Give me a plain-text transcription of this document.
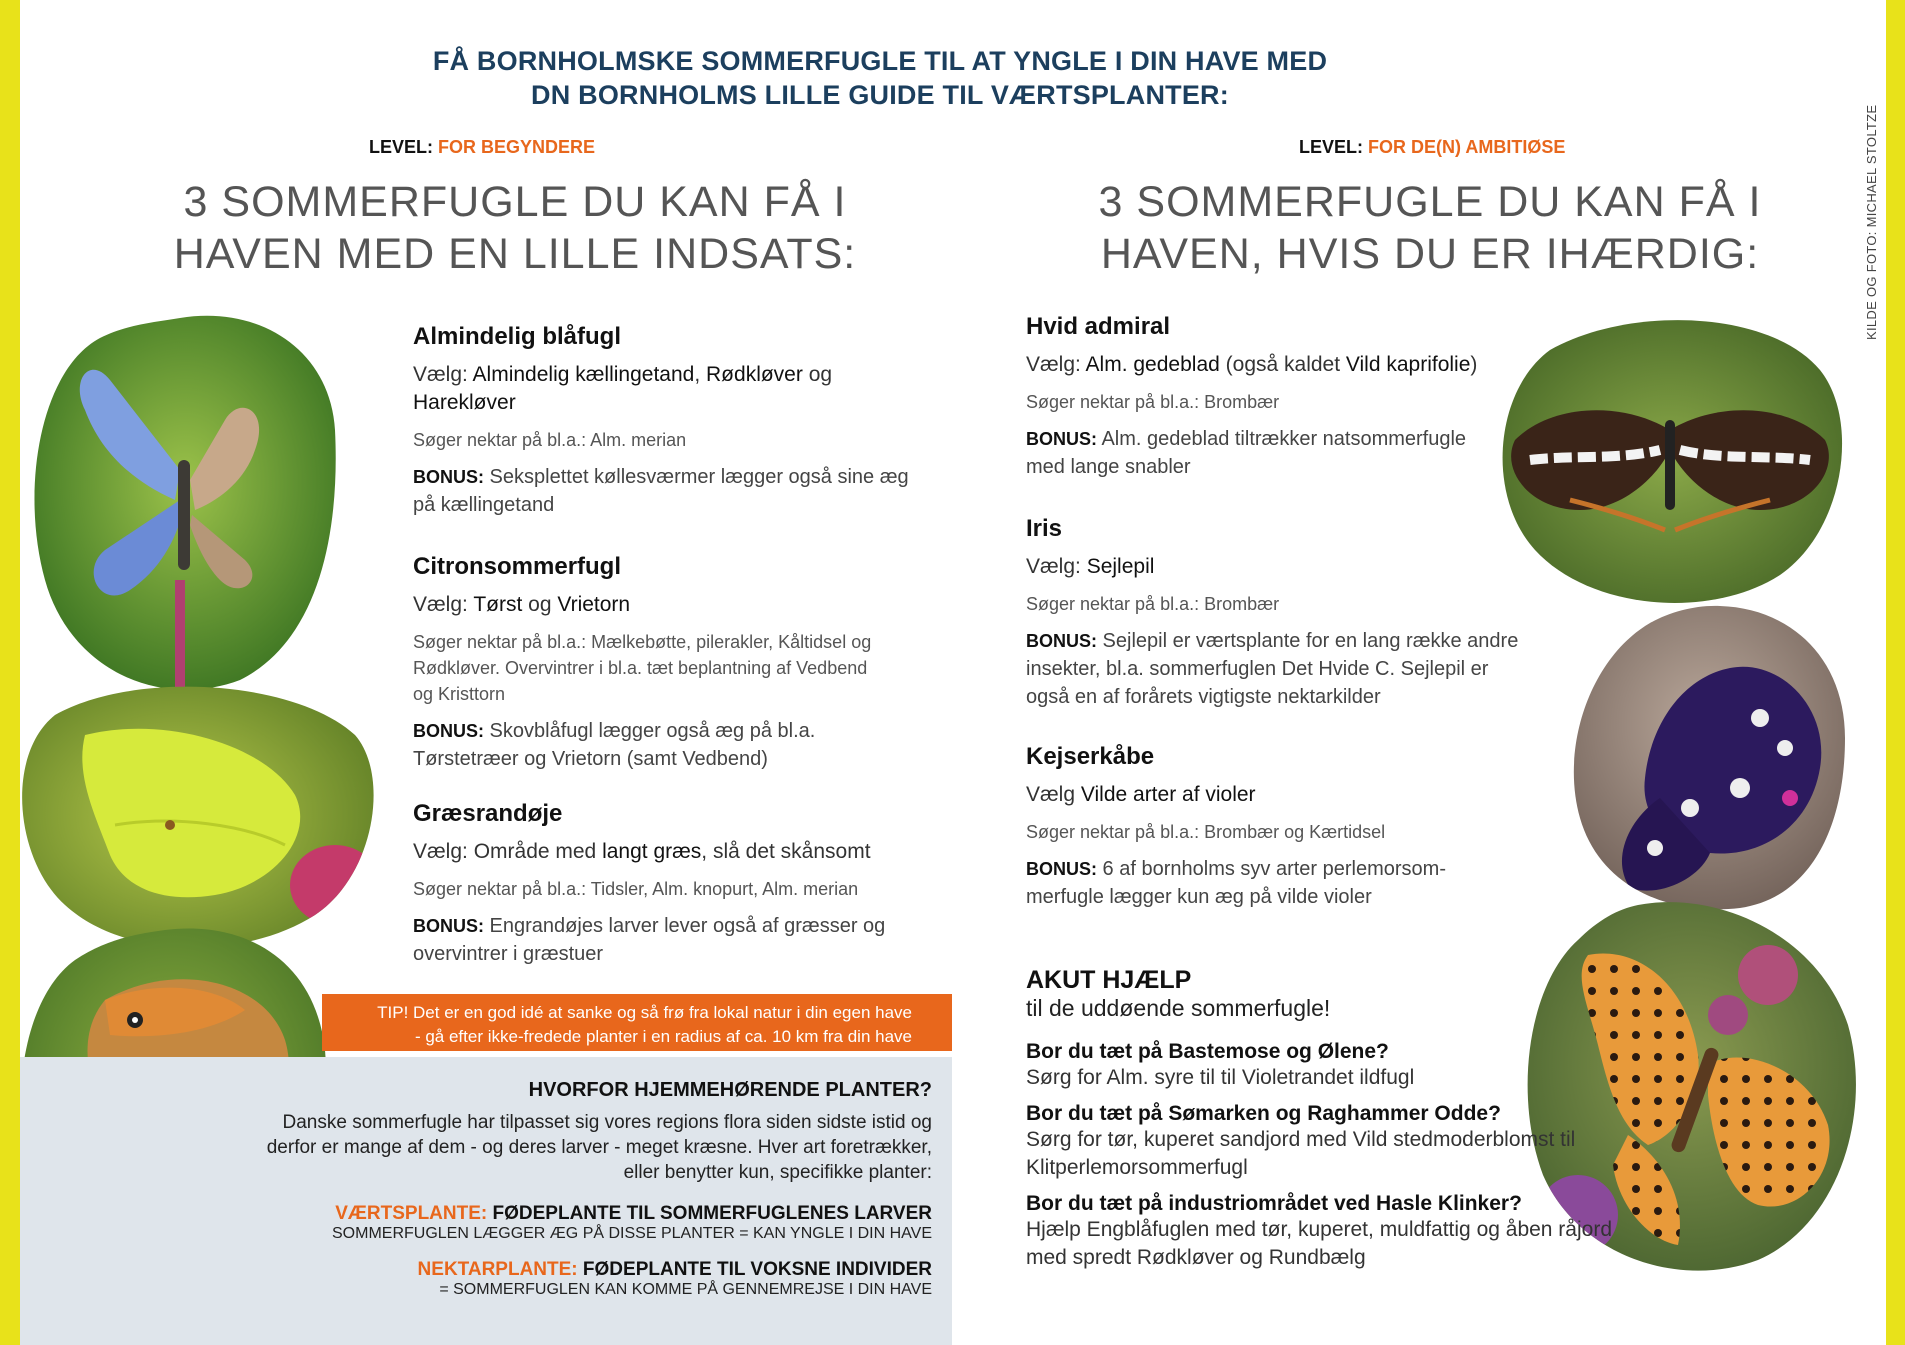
KILDE OG FOTO: MICHAEL STOLTZE
FÅ BORNHOLMSKE SOMMERFUGLE TIL AT YNGLE I DIN HAVE MED
DN BORNHOLMS LILLE GUIDE TIL VÆRTSPLANTER:
LEVEL: FOR BEGYNDERE
3 SOMMERFUGLE DU KAN FÅ I
HAVEN MED EN LILLE INDSATS:
Almindelig blåfugl
Vælg: Almindelig kællingetand, Rødkløver og Harekløver
Søger nektar på bl.a.: Alm. merian
BONUS: Seksplettet køllesværmer lægger også sine æg på kællingetand
Citronsommerfugl
Vælg: Tørst og Vrietorn
Søger nektar på bl.a.: Mælkebøtte, pilerakler, Kåltidsel og Rødkløver. Overvintrer i bl.a. tæt beplantning af Vedbend og Kristtorn
BONUS: Skovblåfugl lægger også æg på bl.a. Tørstetræer og Vrietorn (samt Vedbend)
Græsrandøje
Vælg: Område med langt græs, slå det skånsomt
Søger nektar på bl.a.: Tidsler, Alm. knopurt, Alm. merian
BONUS: Engrandøjes larver lever også af græsser og overvintrer i græstuer
TIP! Det er en god idé at sanke og så frø fra lokal natur i din egen have
- gå efter ikke-fredede planter i en radius af ca. 10 km fra din have
HVORFOR HJEMMEHØRENDE PLANTER?
Danske sommerfugle har tilpasset sig vores regions flora siden sidste istid og derfor er mange af dem - og deres larver - meget kræsne. Hver art foretrækker, eller benytter kun, specifikke planter:
VÆRTSPLANTE: FØDEPLANTE TIL SOMMERFUGLENES LARVER
SOMMERFUGLEN LÆGGER ÆG PÅ DISSE PLANTER = KAN YNGLE I DIN HAVE
NEKTARPLANTE: FØDEPLANTE TIL VOKSNE INDIVIDER
= SOMMERFUGLEN KAN KOMME PÅ GENNEMREJSE I DIN HAVE
LEVEL: FOR DE(N) AMBITIØSE
3 SOMMERFUGLE DU KAN FÅ I
HAVEN, HVIS DU ER IHÆRDIG:
Hvid admiral
Vælg: Alm. gedeblad (også kaldet Vild kaprifolie)
Søger nektar på bl.a.: Brombær
BONUS: Alm. gedeblad tiltrækker natsommerfugle med lange snabler
Iris
Vælg: Sejlepil
Søger nektar på bl.a.: Brombær
BONUS: Sejlepil er værtsplante for en lang række andre insekter, bl.a. sommerfuglen Det Hvide C. Sejlepil er også en af forårets vigtigste nektarkilder
Kejserkåbe
Vælg Vilde arter af violer
Søger nektar på bl.a.: Brombær og Kærtidsel
BONUS: 6 af bornholms syv arter perlemorsom-merfugle lægger kun æg på vilde violer
AKUT HJÆLP
til de uddøende sommerfugle!
Bor du tæt på Bastemose og Ølene?
Sørg for Alm. syre til til Violetrandet ildfugl
Bor du tæt på Sømarken og Raghammer Odde?
Sørg for tør, kuperet sandjord med Vild stedmoderblomst til Klitperlemorsommerfugl
Bor du tæt på industriområdet ved Hasle Klinker?
Hjælp Engblåfuglen med tør, kuperet, muldfattig og åben råjord med spredt Rødkløver og Rundbælg
